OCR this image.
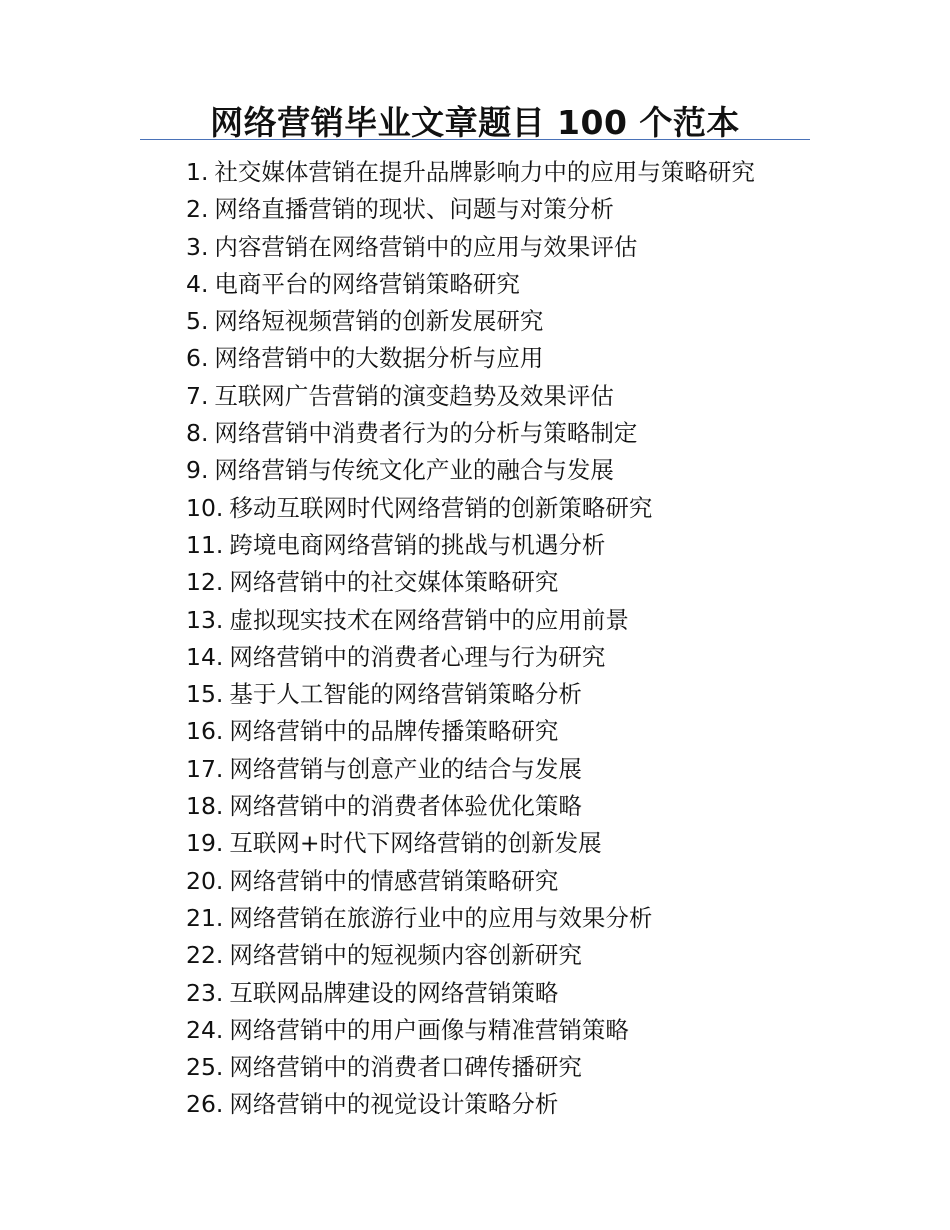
网络营销毕业文章题目 100 个范本
1. 社交媒体营销在提升品牌影响力中的应用与策略研究
2. 网络直播营销的现状、问题与对策分析
3. 内容营销在网络营销中的应用与效果评估
4. 电商平台的网络营销策略研究
5. 网络短视频营销的创新发展研究
6. 网络营销中的大数据分析与应用
7. 互联网广告营销的演变趋势及效果评估
8. 网络营销中消费者行为的分析与策略制定
9. 网络营销与传统文化产业的融合与发展
10. 移动互联网时代网络营销的创新策略研究
11. 跨境电商网络营销的挑战与机遇分析
12. 网络营销中的社交媒体策略研究
13. 虚拟现实技术在网络营销中的应用前景
14. 网络营销中的消费者心理与行为研究
15. 基于人工智能的网络营销策略分析
16. 网络营销中的品牌传播策略研究
17. 网络营销与创意产业的结合与发展
18. 网络营销中的消费者体验优化策略
19. 互联网+时代下网络营销的创新发展
20. 网络营销中的情感营销策略研究
21. 网络营销在旅游行业中的应用与效果分析
22. 网络营销中的短视频内容创新研究
23. 互联网品牌建设的网络营销策略
24. 网络营销中的用户画像与精准营销策略
25. 网络营销中的消费者口碑传播研究
26. 网络营销中的视觉设计策略分析
